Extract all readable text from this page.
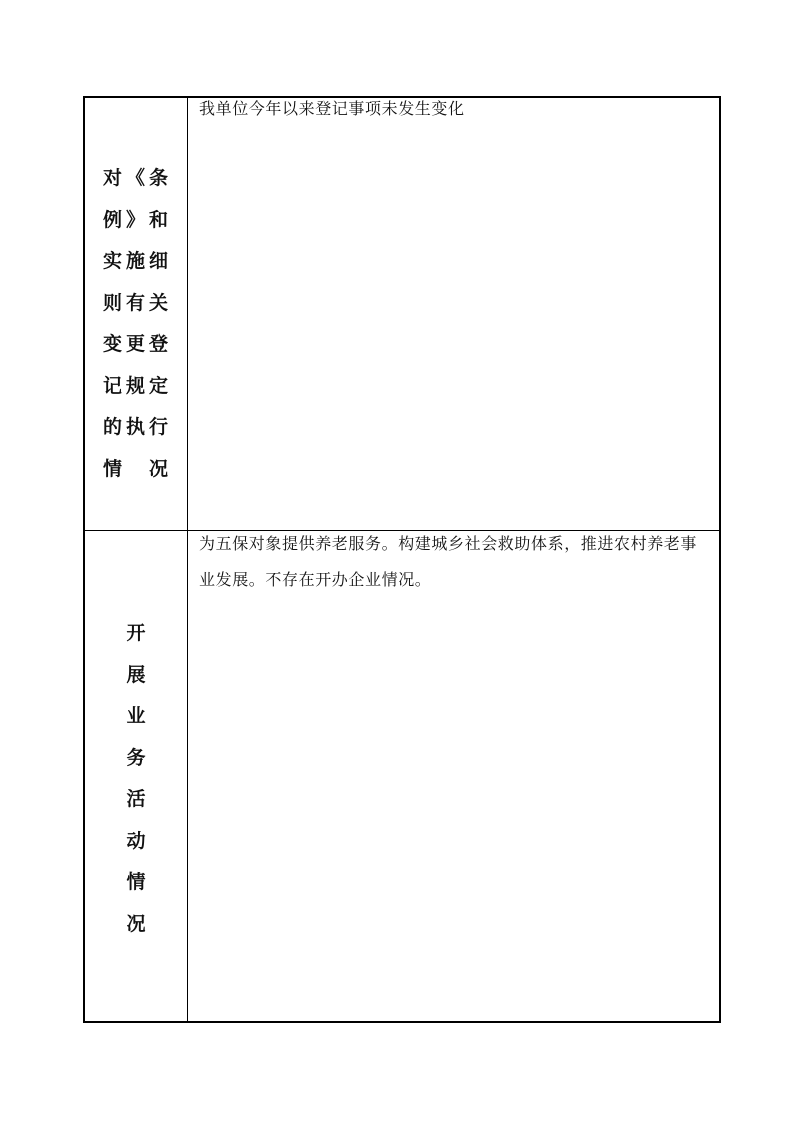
对《条
例》和
实施细
则有关
变更登
记规定
的执行
情　况
我单位今年以来登记事项未发生变化
开
展
业
务
活
动
情
况
为五保对象提供养老服务。构建城乡社会救助体系，推进农村养老事业发展。不存在开办企业情况。
